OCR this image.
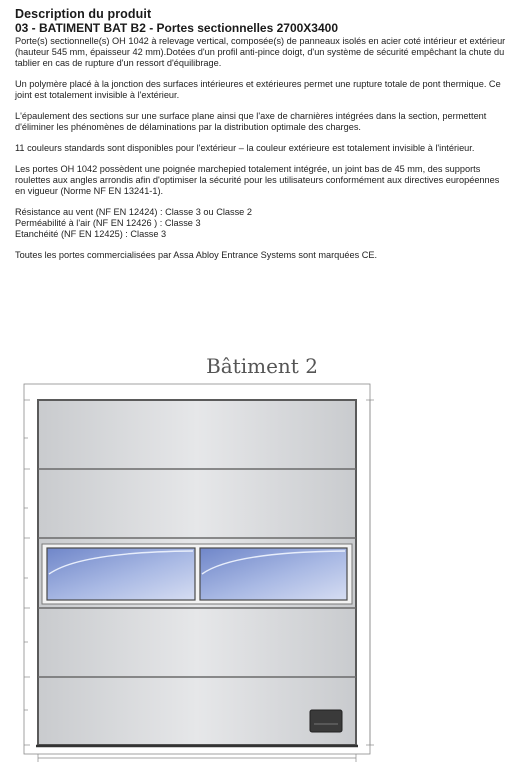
Description du produit
03 - BATIMENT BAT B2 - Portes sectionnelles 2700X3400

Porte(s) sectionnelle(s) OH 1042 à relevage vertical, composée(s) de panneaux isolés en acier coté intérieur et extérieur (hauteur 545 mm, épaisseur 42 mm).Dotées d'un profil anti-pince doigt, d'un système de sécurité empêchant la chute du tablier en cas de rupture d'un ressort d'équilibrage.

Un polymère placé à la jonction des surfaces intérieures et extérieures permet une rupture totale de pont thermique. Ce joint est totalement invisible à l'extérieur.

L'épaulement des sections sur une surface plane ainsi que l'axe de charnières intégrées dans la section, permettent d'éliminer les phénomènes de délaminations par la distribution optimale des charges.

11 couleurs standards sont disponibles pour l'extérieur – la couleur extérieure est totalement invisible à l'intérieur.

Les portes OH 1042 possèdent une poignée marchepied totalement intégrée, un joint bas de 45 mm, des supports roulettes aux angles arrondis afin d'optimiser la sécurité pour les utilisateurs conformément aux directives européennes en vigueur (Norme NF EN 13241-1).

Résistance au vent (NF EN 12424) : Classe 3 ou Classe 2
Perméabilité à l'air (NF EN 12426 ) : Classe 3
Etanchéité (NF EN 12425) : Classe 3

Toutes les portes commercialisées par Assa Abloy Entrance Systems sont marquées CE.

Bâtiment 2
